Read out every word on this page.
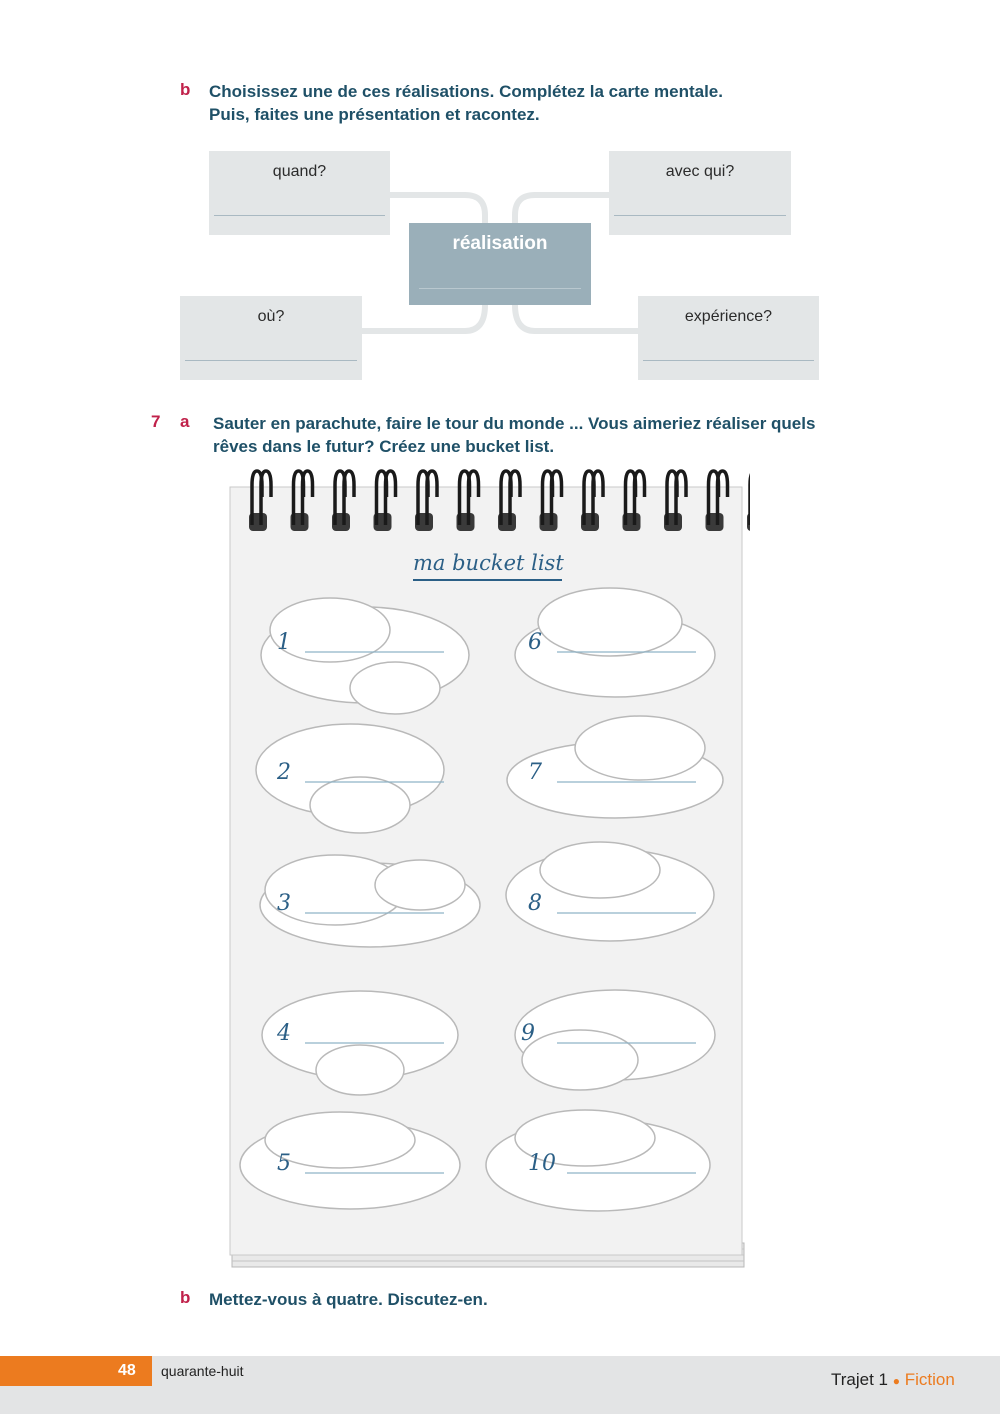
b Choisissez une de ces réalisations. Complétez la carte mentale.
Puis, faites une présentation et racontez.
quand?	avec qui?
réalisation
où?	expérience?
7 a Sauter en parachute, faire le tour du monde ... Vous aimeriez réaliser quels
rêves dans le futur? Créez une bucket list.
ma bucket list
1
2
3
4
5
6
7
8
9
10
b Mettez-vous à quatre. Discutez-en.
48 quarante-huit	Trajet 1 ● Fiction
